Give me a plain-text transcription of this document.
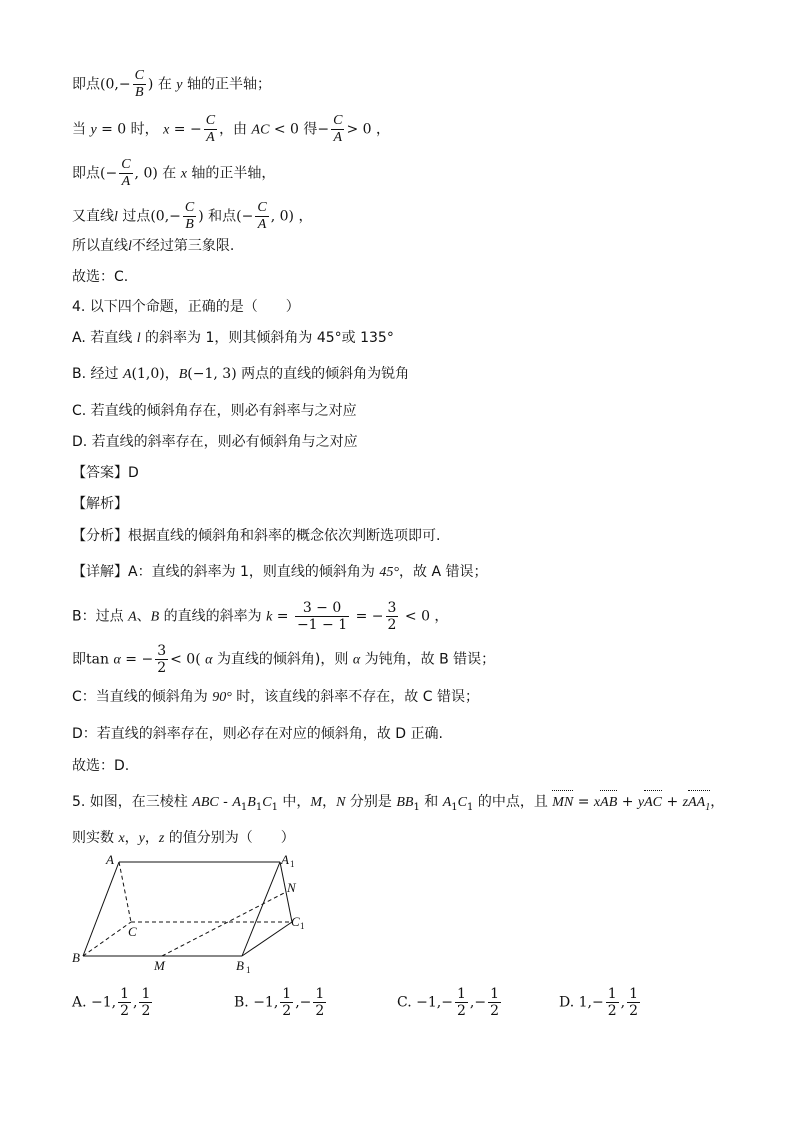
即点($0,- \frac{C}{B}$ ) 在 y 轴的正半轴；
当 y = 0 时， x = − $\frac{C}{A}$ ，由 AC < 0 得− $\frac{C}{A} > 0$ ，
即点(− $\frac{C}{A}$ , 0) 在 x 轴的正半轴，
又直线l 过点($0,- \frac{C}{B}$ ) 和点(− $\frac{C}{A}$ , 0) ，
所以直线l不经过第三象限.
故选：C.
4. 以下四个命题，正确的是（　　）
A. 若直线 l 的斜率为 1，则其倾斜角为 45°或 135°
B. 经过 A(1,0)，B(−1, 3) 两点的直线的倾斜角为锐角
C. 若直线的倾斜角存在，则必有斜率与之对应
D. 若直线的斜率存在，则必有倾斜角与之对应
【答案】D
【解析】
【分析】根据直线的倾斜角和斜率的概念依次判断选项即可.
【详解】A：直线的斜率为 1，则直线的倾斜角为 45°，故 A 错误；
B：过点 A、B 的直线的斜率为 $k = \frac{3 - 0}{-1 - 1}$ = − $\frac{3}{2} < 0$ ，
即tan α = − $\frac{3}{2} < 0$( α 为直线的倾斜角)，则 α 为钝角，故 B 错误；
C：当直线的倾斜角为 90° 时，该直线的斜率不存在，故 C 错误；
D：若直线的斜率存在，则必存在对应的倾斜角，故 D 正确.
故选：D.
5. 如图，在三棱柱 ABC - $A_1B_1C_1$ 中，M，N 分别是 $BB_1$ 和 $A_1C_1$ 的中点，且 MN = xAB + yAC + zAA$_1$，
则实数 x，y，z 的值分别为（　　）
A	A 1
N
C
C 1
B
M	B 1
A. −1, $\frac{1}{2}$ , $\frac{1}{2}$	B. −1, $\frac{1}{2}$ ,− $\frac{1}{2}$	C. $-1,- \frac{1}{2}$ ,− $\frac{1}{2}$	D. $1,- \frac{1}{2}$ , $\frac{1}{2}$
